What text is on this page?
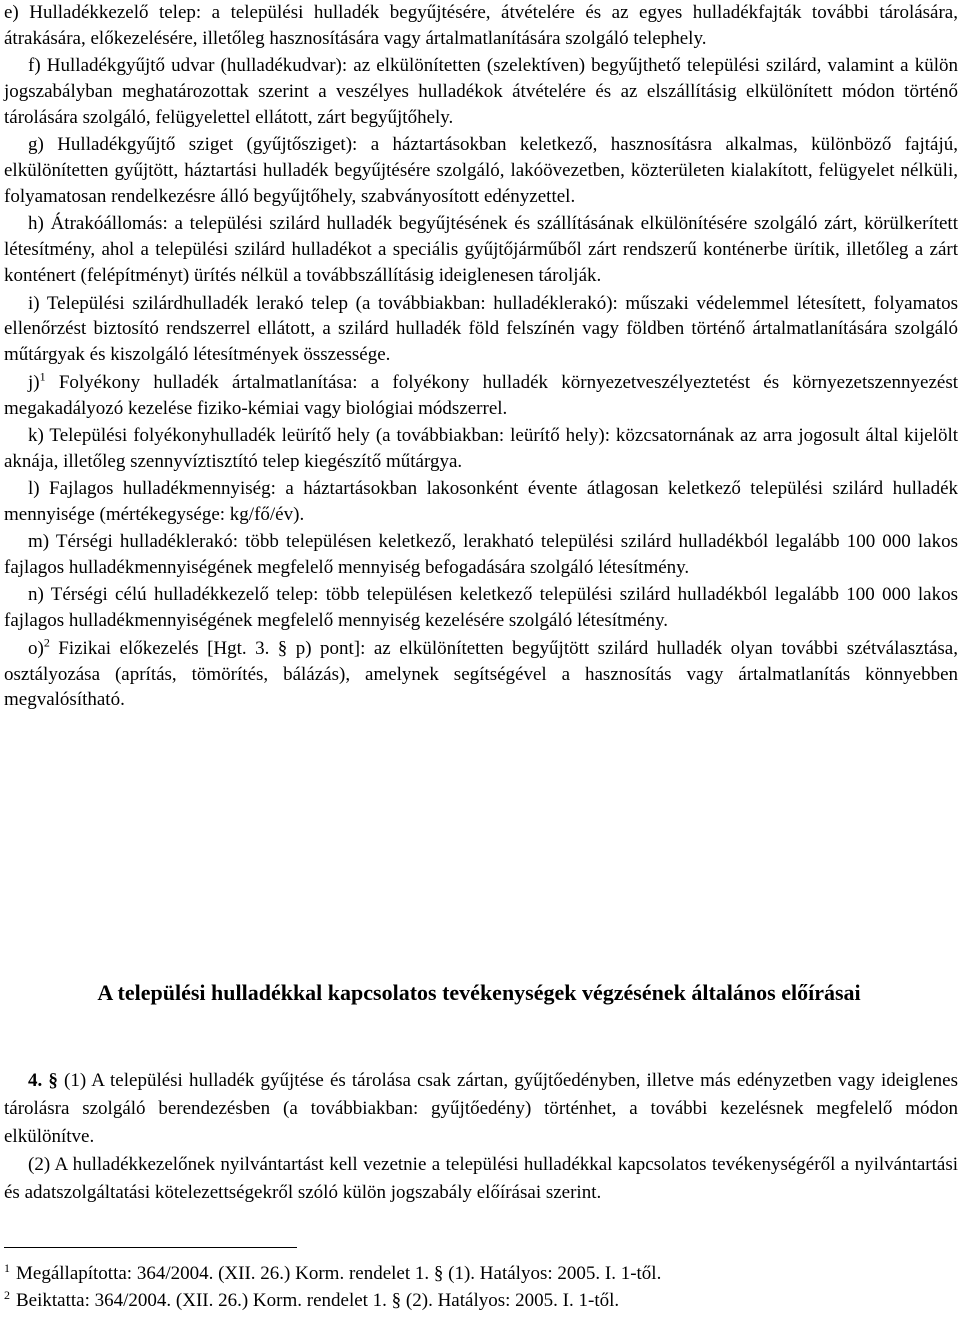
e) Hulladékkezelő telep: a települési hulladék begyűjtésére, átvételére és az egyes hulladékfajták további tárolására, átrakására, előkezelésére, illetőleg hasznosítására vagy ártalmatlanítására szolgáló telephely.

f) Hulladékgyűjtő udvar (hulladékudvar): az elkülönítetten (szelektíven) begyűjthető települési szilárd, valamint a külön jogszabályban meghatározottak szerint a veszélyes hulladékok átvételére és az elszállításig elkülönített módon történő tárolására szolgáló, felügyelettel ellátott, zárt begyűjtőhely.

g) Hulladékgyűjtő sziget (gyűjtősziget): a háztartásokban keletkező, hasznosításra alkalmas, különböző fajtájú, elkülönítetten gyűjtött, háztartási hulladék begyűjtésére szolgáló, lakóövezetben, közterületen kialakított, felügyelet nélküli, folyamatosan rendelkezésre álló begyűjtőhely, szabványosított edényzettel.

h) Átrakóállomás: a települési szilárd hulladék begyűjtésének és szállításának elkülönítésére szolgáló zárt, körülkerített létesítmény, ahol a települési szilárd hulladékot a speciális gyűjtőjárműből zárt rendszerű konténerbe ürítik, illetőleg a zárt konténert (felépítményt) ürítés nélkül a továbbszállításig ideiglenesen tárolják.

i) Települési szilárdhulladék lerakó telep (a továbbiakban: hulladéklerakó): műszaki védelemmel létesített, folyamatos ellenőrzést biztosító rendszerrel ellátott, a szilárd hulladék föld felszínén vagy földben történő ártalmatlanítására szolgáló műtárgyak és kiszolgáló létesítmények összessége.

j)$^1$ Folyékony hulladék ártalmatlanítása: a folyékony hulladék környezetveszélyeztetést és környezetszennyezést megakadályozó kezelése fiziko-kémiai vagy biológiai módszerrel.

k) Települési folyékonyhulladék leürítő hely (a továbbiakban: leürítő hely): közcsatornának az arra jogosult által kijelölt aknája, illetőleg szennyvíztisztító telep kiegészítő műtárgya.

l) Fajlagos hulladékmennyiség: a háztartásokban lakosonként évente átlagosan keletkező települési szilárd hulladék mennyisége (mértékegysége: kg/fő/év).

m) Térségi hulladéklerakó: több településen keletkező, lerakható települési szilárd hulladékból legalább 100 000 lakos fajlagos hulladékmennyiségének megfelelő mennyiség befogadására szolgáló létesítmény.

n) Térségi célú hulladékkezelő telep: több településen keletkező települési szilárd hulladékból legalább 100 000 lakos fajlagos hulladékmennyiségének megfelelő mennyiség kezelésére szolgáló létesítmény.

o)$^2$ Fizikai előkezelés [Hgt. 3. § p) pont]: az elkülönítetten begyűjtött szilárd hulladék olyan további szétválasztása, osztályozása (aprítás, tömörítés, bálázás), amelynek segítségével a hasznosítás vagy ártalmatlanítás könnyebben megvalósítható.

A települési hulladékkal kapcsolatos tevékenységek végzésének általános előírásai

4. § (1) A települési hulladék gyűjtése és tárolása csak zártan, gyűjtőedényben, illetve más edényzetben vagy ideiglenes tárolásra szolgáló berendezésben (a továbbiakban: gyűjtőedény) történhet, a további kezelésnek megfelelő módon elkülönítve.

(2) A hulladékkezelőnek nyilvántartást kell vezetnie a települési hulladékkal kapcsolatos tevékenységéről a nyilvántartási és adatszolgáltatási kötelezettségekről szóló külön jogszabály előírásai szerint.

$^1$ Megállapította: 364/2004. (XII. 26.) Korm. rendelet 1. § (1). Hatályos: 2005. I. 1-től.
$^2$ Beiktatta: 364/2004. (XII. 26.) Korm. rendelet 1. § (2). Hatályos: 2005. I. 1-től.
